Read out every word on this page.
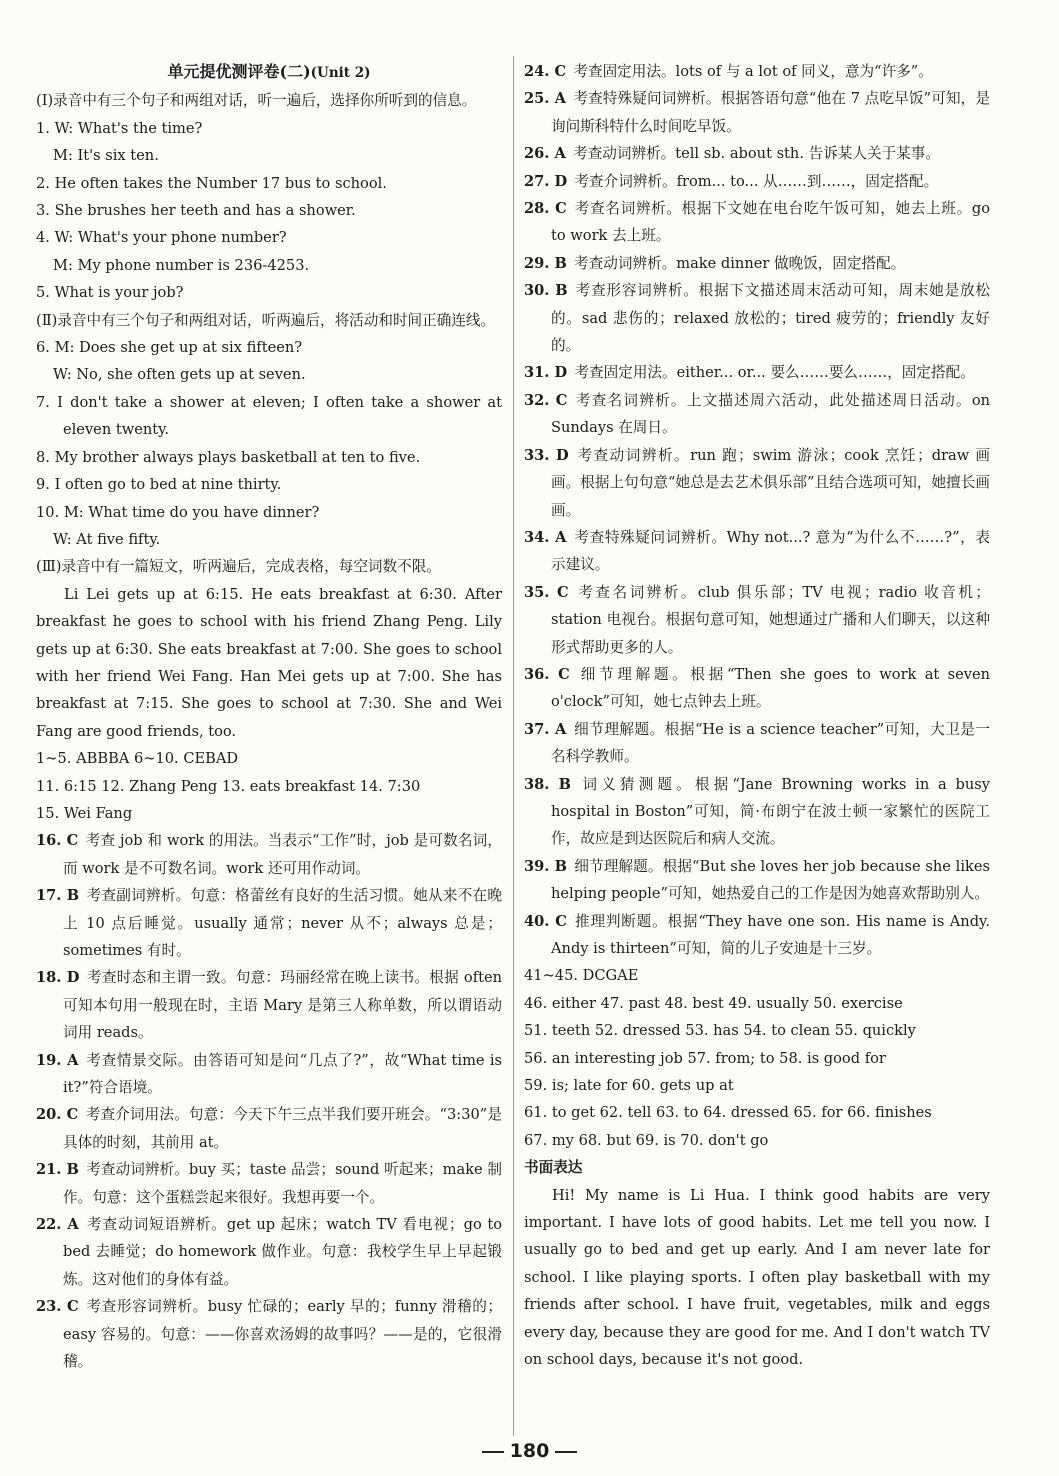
单元提优测评卷(二)(Unit 2)

(Ⅰ)录音中有三个句子和两组对话，听一遍后，选择你所听到的信息。

1. W: What's the time?

M: It's six ten.

2. He often takes the Number 17 bus to school.

3. She brushes her teeth and has a shower.

4. W: What's your phone number?

M: My phone number is 236-4253.

5. What is your job?

(Ⅱ)录音中有三个句子和两组对话，听两遍后，将活动和时间正确连线。

6. M: Does she get up at six fifteen?

W: No, she often gets up at seven.

7. I don't take a shower at eleven; I often take a shower at eleven twenty.

8. My brother always plays basketball at ten to five.

9. I often go to bed at nine thirty.

10. M: What time do you have dinner?

W: At five fifty.

(Ⅲ)录音中有一篇短文，听两遍后，完成表格，每空词数不限。

Li Lei gets up at 6:15. He eats breakfast at 6:30. After breakfast he goes to school with his friend Zhang Peng. Lily gets up at 6:30. She eats breakfast at 7:00. She goes to school with her friend Wei Fang. Han Mei gets up at 7:00. She has breakfast at 7:15. She goes to school at 7:30. She and Wei Fang are good friends, too.

1~5. ABBBA 6~10. CEBAD

11. 6:15 12. Zhang Peng 13. eats breakfast 14. 7:30

15. Wei Fang

16. C  考查 job 和 work 的用法。当表示“工作”时，job 是可数名词，而 work 是不可数名词。work 还可用作动词。

17. B  考查副词辨析。句意：格蕾丝有良好的生活习惯。她从来不在晚上 10 点后睡觉。usually 通常；never 从不；always 总是；sometimes 有时。

18. D  考查时态和主谓一致。句意：玛丽经常在晚上读书。根据 often 可知本句用一般现在时，主语 Mary 是第三人称单数，所以谓语动词用 reads。

19. A  考查情景交际。由答语可知是问“几点了?”，故“What time is it?”符合语境。

20. C  考查介词用法。句意：今天下午三点半我们要开班会。“3:30”是具体的时刻，其前用 at。

21. B  考查动词辨析。buy 买；taste 品尝；sound 听起来；make 制作。句意：这个蛋糕尝起来很好。我想再要一个。

22. A  考查动词短语辨析。get up 起床；watch TV 看电视；go to bed 去睡觉；do homework 做作业。句意：我校学生早上早起锻炼。这对他们的身体有益。

23. C  考查形容词辨析。busy 忙碌的；early 早的；funny 滑稽的；easy 容易的。句意：——你喜欢汤姆的故事吗？——是的，它很滑稽。

24. C  考查固定用法。lots of 与 a lot of 同义，意为“许多”。

25. A  考查特殊疑问词辨析。根据答语句意“他在 7 点吃早饭”可知，是询问斯科特什么时间吃早饭。

26. A  考查动词辨析。tell sb. about sth. 告诉某人关于某事。

27. D  考查介词辨析。from... to... 从……到……，固定搭配。

28. C  考查名词辨析。根据下文她在电台吃午饭可知，她去上班。go to work 去上班。

29. B  考查动词辨析。make dinner 做晚饭，固定搭配。

30. B  考查形容词辨析。根据下文描述周末活动可知，周末她是放松的。sad 悲伤的；relaxed 放松的；tired 疲劳的；friendly 友好的。

31. D  考查固定用法。either... or... 要么……要么……，固定搭配。

32. C  考查名词辨析。上文描述周六活动，此处描述周日活动。on Sundays 在周日。

33. D  考查动词辨析。run 跑；swim 游泳；cook 烹饪；draw 画画。根据上句句意“她总是去艺术俱乐部”且结合选项可知，她擅长画画。

34. A  考查特殊疑问词辨析。Why not...? 意为“为什么不……?”，表示建议。

35. C  考查名词辨析。club 俱乐部；TV 电视；radio 收音机；station 电视台。根据句意可知，她想通过广播和人们聊天，以这种形式帮助更多的人。

36. C  细节理解题。根据“Then she goes to work at seven o'clock”可知，她七点钟去上班。

37. A  细节理解题。根据“He is a science teacher”可知，大卫是一名科学教师。

38. B  词义猜测题。根据“Jane Browning works in a busy hospital in Boston”可知，简·布朗宁在波士顿一家繁忙的医院工作，故应是到达医院后和病人交流。

39. B  细节理解题。根据“But she loves her job because she likes helping people”可知，她热爱自己的工作是因为她喜欢帮助别人。

40. C  推理判断题。根据“They have one son. His name is Andy. Andy is thirteen”可知，简的儿子安迪是十三岁。

41~45. DCGAE

46. either 47. past 48. best 49. usually 50. exercise

51. teeth 52. dressed 53. has 54. to clean 55. quickly

56. an interesting job 57. from; to 58. is good for

59. is; late for 60. gets up at

61. to get 62. tell 63. to 64. dressed 65. for 66. finishes

67. my 68. but 69. is 70. don't go

书面表达

Hi! My name is Li Hua. I think good habits are very important. I have lots of good habits. Let me tell you now. I usually go to bed and get up early. And I am never late for school. I like playing sports. I often play basketball with my friends after school. I have fruit, vegetables, milk and eggs every day, because they are good for me. And I don't watch TV on school days, because it's not good.

180
